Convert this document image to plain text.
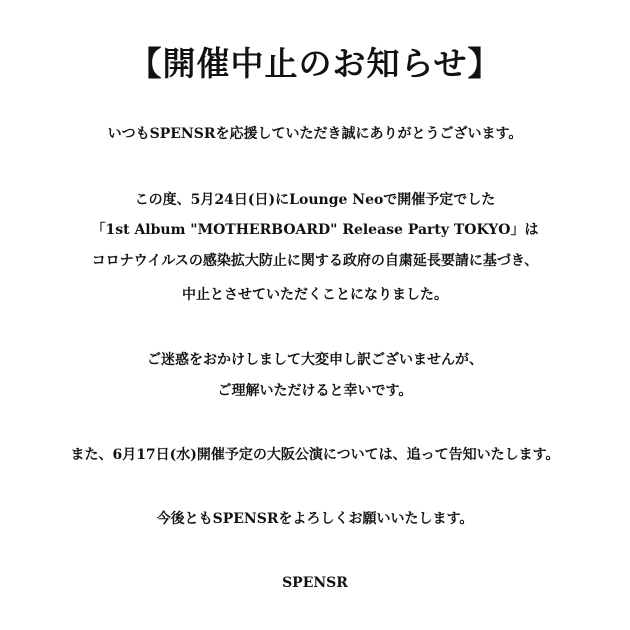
【開催中止のお知らせ】
いつもSPENSRを応援していただき誠にありがとうございます。
この度、5月24日(日)にLounge Neoで開催予定でした
「1st Album "MOTHERBOARD" Release Party TOKYO」は
コロナウイルスの感染拡大防止に関する政府の自粛延長要請に基づき、
中止とさせていただくことになりました。
ご迷惑をおかけしまして大変申し訳ございませんが、
ご理解いただけると幸いです。
また、6月17日(水)開催予定の大阪公演については、追って告知いたします。
今後ともSPENSRをよろしくお願いいたします。
SPENSR
